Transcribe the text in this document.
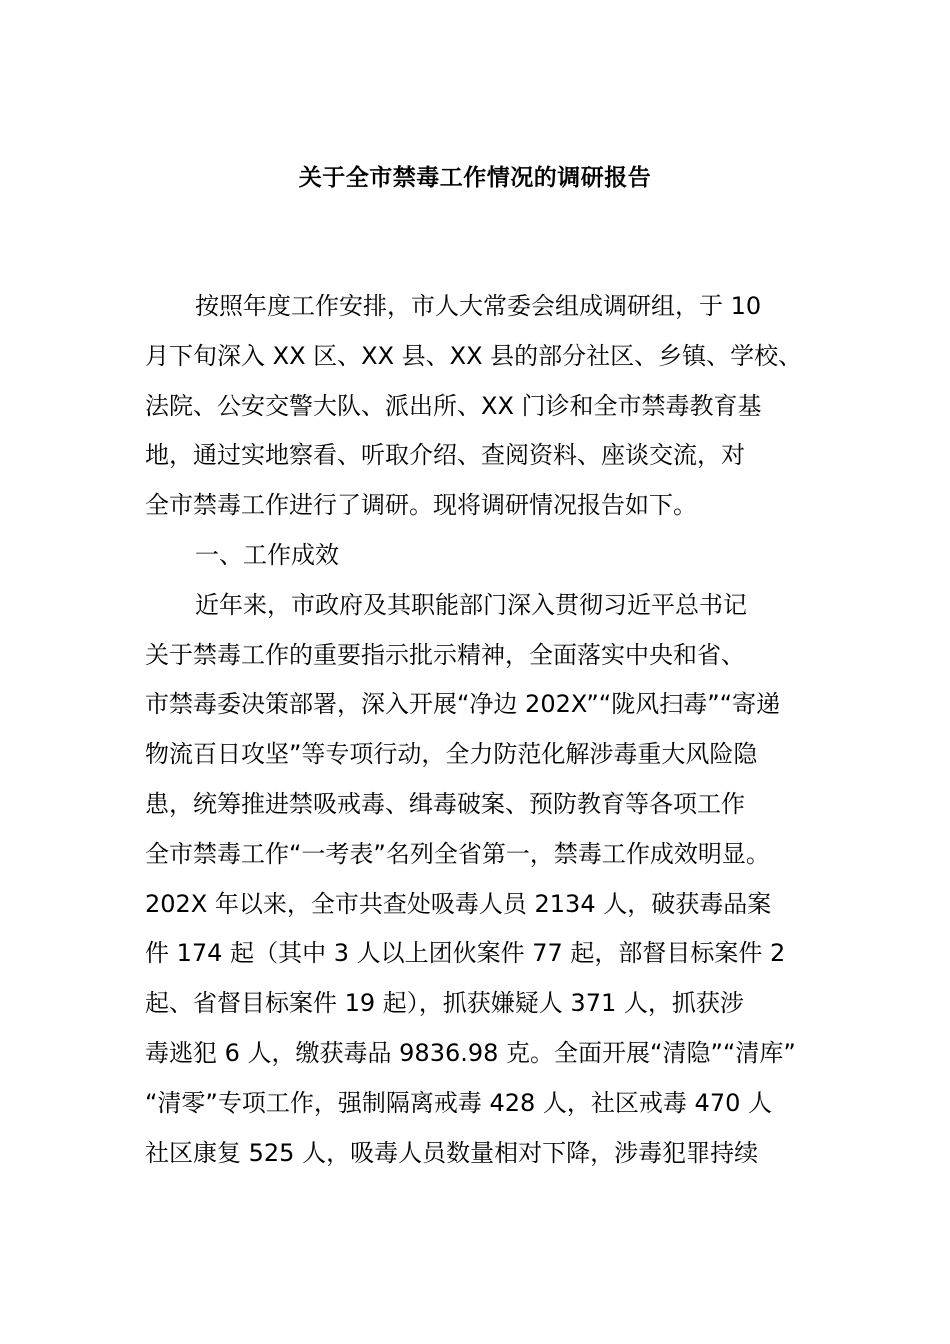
关于全市禁毒工作情况的调研报告
按照年度工作安排，市人大常委会组成调研组，于 10
月下旬深入 XX 区、XX 县、XX 县的部分社区、乡镇、学校、
法院、公安交警大队、派出所、XX 门诊和全市禁毒教育基
地，通过实地察看、听取介绍、查阅资料、座谈交流，对
全市禁毒工作进行了调研。现将调研情况报告如下。
一、工作成效
近年来，市政府及其职能部门深入贯彻习近平总书记
关于禁毒工作的重要指示批示精神，全面落实中央和省、
市禁毒委决策部署，深入开展“净边 202X”“陇风扫毒”“寄递
物流百日攻坚”等专项行动，全力防范化解涉毒重大风险隐
患，统筹推进禁吸戒毒、缉毒破案、预防教育等各项工作
全市禁毒工作“一考表”名列全省第一，禁毒工作成效明显。
202X 年以来，全市共查处吸毒人员 2134 人，破获毒品案
件 174 起（其中 3 人以上团伙案件 77 起，部督目标案件 2
起、省督目标案件 19 起），抓获嫌疑人 371 人，抓获涉
毒逃犯 6 人，缴获毒品 9836.98 克。全面开展“清隐”“清库”
“清零”专项工作，强制隔离戒毒 428 人，社区戒毒 470 人
社区康复 525 人，吸毒人员数量相对下降，涉毒犯罪持续
